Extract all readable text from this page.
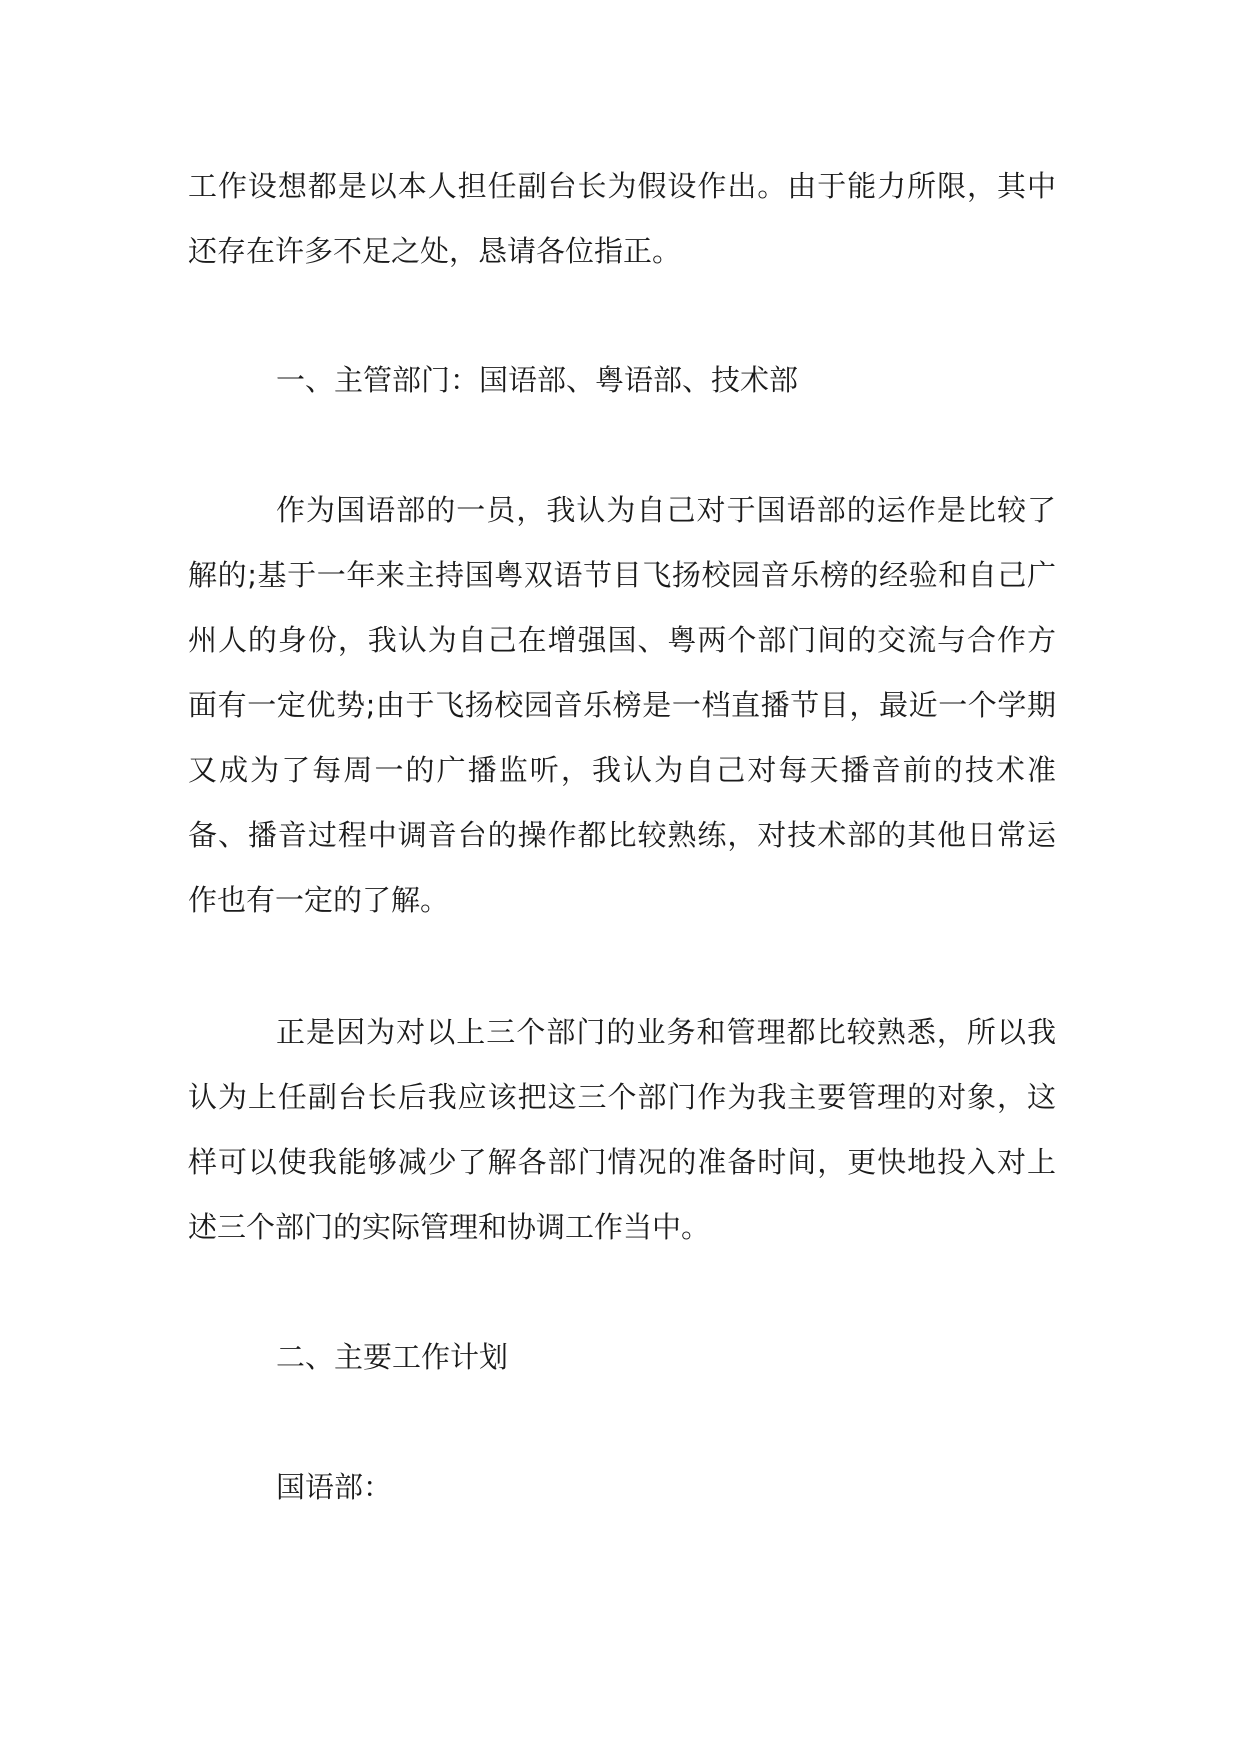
工作设想都是以本人担任副台长为假设作出。由于能力所限，其中还存在许多不足之处，恳请各位指正。

一、主管部门：国语部、粤语部、技术部

作为国语部的一员，我认为自己对于国语部的运作是比较了解的;基于一年来主持国粤双语节目飞扬校园音乐榜的经验和自己广州人的身份，我认为自己在增强国、粤两个部门间的交流与合作方面有一定优势;由于飞扬校园音乐榜是一档直播节目，最近一个学期又成为了每周一的广播监听，我认为自己对每天播音前的技术准备、播音过程中调音台的操作都比较熟练，对技术部的其他日常运作也有一定的了解。

正是因为对以上三个部门的业务和管理都比较熟悉，所以我认为上任副台长后我应该把这三个部门作为我主要管理的对象，这样可以使我能够减少了解各部门情况的准备时间，更快地投入对上述三个部门的实际管理和协调工作当中。

二、主要工作计划

国语部：
